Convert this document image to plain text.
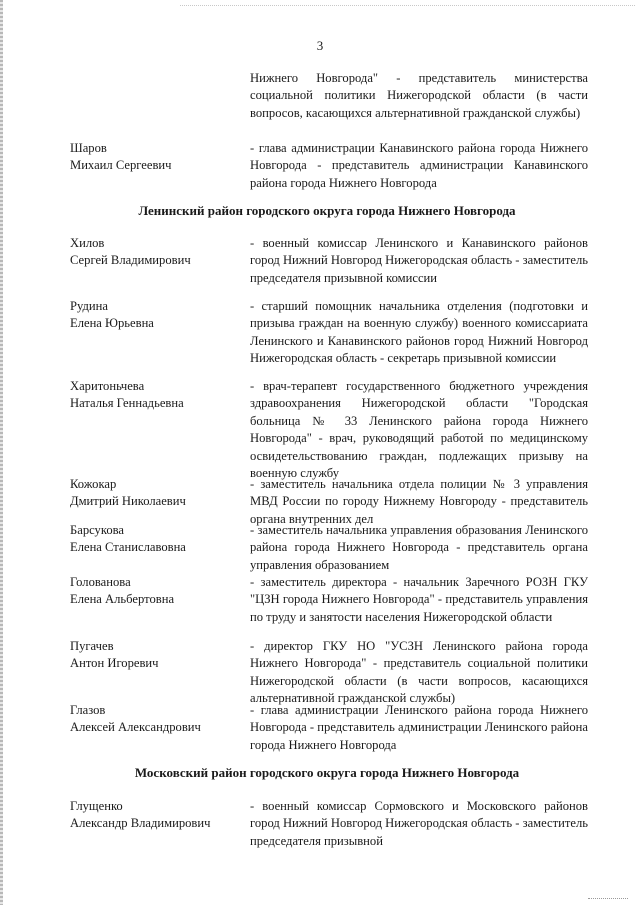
3
Нижнего Новгорода" - представитель министерства социальной политики Нижегородской области (в части вопросов, касающихся альтернативной гражданской службы)
Шаров
Михаил Сергеевич
- глава администрации Канавинского района города Нижнего Новгорода - представитель администрации Канавинского района города Нижнего Новгорода
Ленинский район городского округа города Нижнего Новгорода
Хилов
Сергей Владимирович
- военный комиссар Ленинского и Канавинского районов город Нижний Новгород Нижегородская область - заместитель председателя призывной комиссии
Рудина
Елена Юрьевна
- старший помощник начальника отделения (подготовки и призыва граждан на военную службу) военного комиссариата Ленинского и Канавинского районов город Нижний Новгород Нижегородская область - секретарь призывной комиссии
Харитоньчева
Наталья Геннадьевна
- врач-терапевт государственного бюджетного учреждения здравоохранения Нижегородской области "Городская больница № 33 Ленинского района города Нижнего Новгорода" - врач, руководящий работой по медицинскому освидетельствованию граждан, подлежащих призыву на военную службу
Кожокар
Дмитрий Николаевич
- заместитель начальника отдела полиции № 3 управления МВД России по городу Нижнему Новгороду - представитель органа внутренних дел
Барсукова
Елена Станиславовна
- заместитель начальника управления образования Ленинского района города Нижнего Новгорода - представитель органа управления образованием
Голованова
Елена Альбертовна
- заместитель директора - начальник Заречного РОЗН ГКУ "ЦЗН города Нижнего Новгорода" - представитель управления по труду и занятости населения Нижегородской области
Пугачев
Антон Игоревич
- директор ГКУ НО "УСЗН Ленинского района города Нижнего Новгорода" - представитель социальной политики Нижегородской области (в части вопросов, касающихся альтернативной гражданской службы)
Глазов
Алексей Александрович
- глава администрации Ленинского района города Нижнего Новгорода - представитель администрации Ленинского района города Нижнего Новгорода
Московский район городского округа города Нижнего Новгорода
Глущенко
Александр Владимирович
- военный комиссар Сормовского и Московского районов город Нижний Новгород Нижегородская область - заместитель председателя призывной
